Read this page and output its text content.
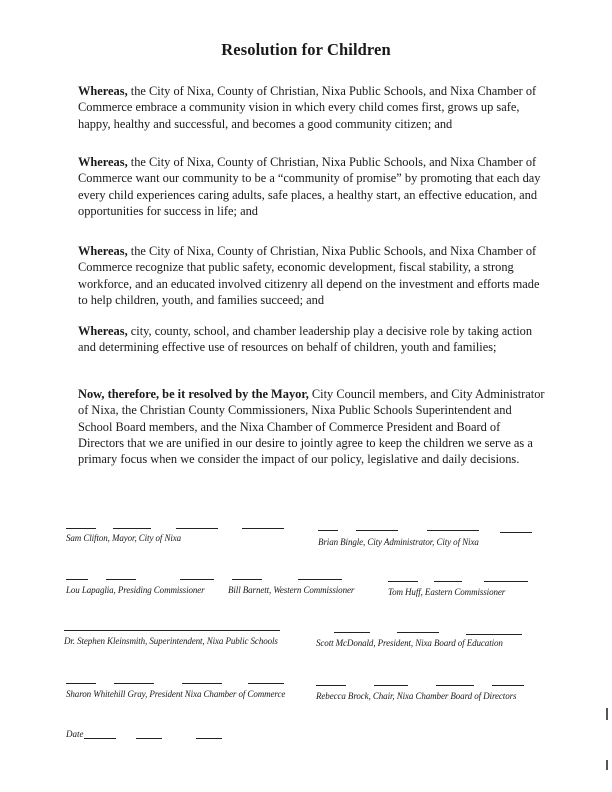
Resolution for Children

Whereas, the City of Nixa, County of Christian, Nixa Public Schools, and Nixa Chamber of Commerce embrace a community vision in which every child comes first, grows up safe, happy, healthy and successful, and becomes a good community citizen; and

Whereas, the City of Nixa, County of Christian, Nixa Public Schools, and Nixa Chamber of Commerce want our community to be a “community of promise” by promoting that each day every child experiences caring adults, safe places, a healthy start, an effective education, and opportunities for success in life; and

Whereas, the City of Nixa, County of Christian, Nixa Public Schools, and Nixa Chamber of Commerce recognize that public safety, economic development, fiscal stability, a strong workforce, and an educated involved citizenry all depend on the investment and efforts made to help children, youth, and families succeed; and

Whereas, city, county, school, and chamber leadership play a decisive role by taking action and determining effective use of resources on behalf of children, youth and families;

Now, therefore, be it resolved by the Mayor, City Council members, and City Administrator of Nixa, the Christian County Commissioners, Nixa Public Schools Superintendent and School Board members, and the Nixa Chamber of Commerce President and Board of Directors that we are unified in our desire to jointly agree to keep the children we serve as a primary focus when we consider the impact of our policy, legislative and daily decisions.

Sam Clifton, Mayor, City of Nixa	Brian Bingle, City Administrator, City of Nixa
Lou Lapaglia, Presiding Commissioner	Bill Barnett, Western Commissioner	Tom Huff, Eastern Commissioner
Dr. Stephen Kleinsmith, Superintendent, Nixa Public Schools	Scott McDonald, President, Nixa Board of Education
Sharon Whitehill Gray, President Nixa Chamber of Commerce	Rebecca Brock, Chair, Nixa Chamber Board of Directors
Date
